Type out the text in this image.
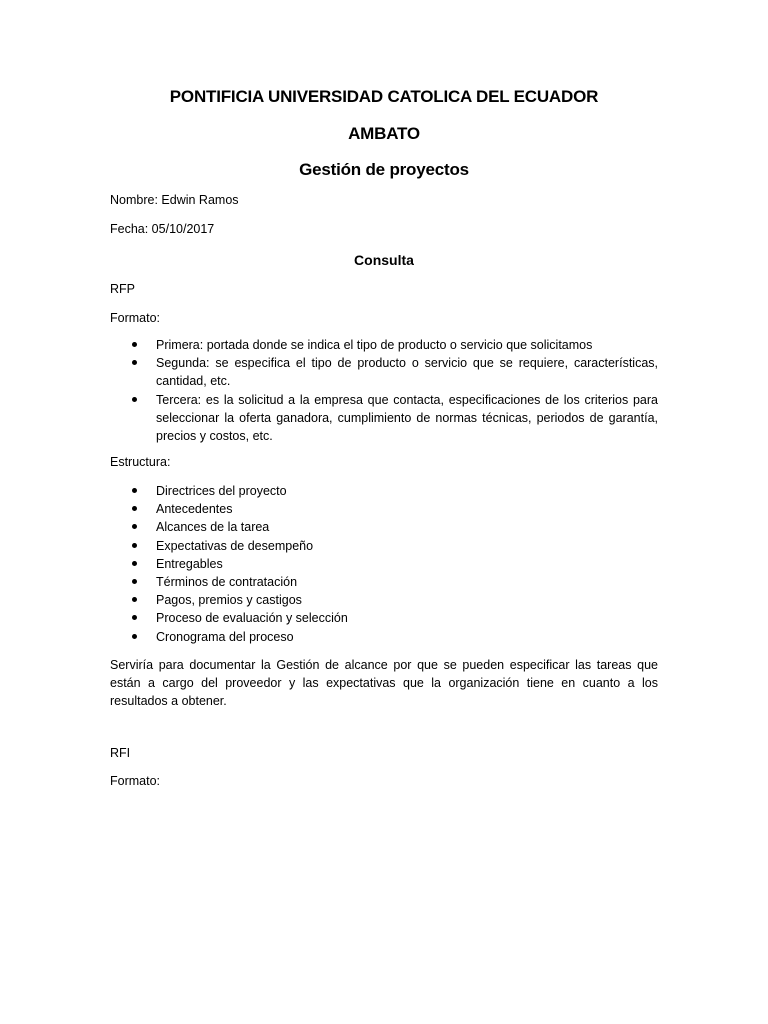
PONTIFICIA UNIVERSIDAD CATOLICA DEL ECUADOR
AMBATO
Gestión de proyectos
Nombre: Edwin Ramos
Fecha: 05/10/2017
Consulta
RFP
Formato:
Primera: portada donde se indica el tipo de producto o servicio que solicitamos
Segunda: se especifica el tipo de producto o servicio que se requiere, características, cantidad, etc.
Tercera: es la solicitud a la empresa que contacta, especificaciones de los criterios para seleccionar la oferta ganadora, cumplimiento de normas técnicas, periodos de garantía, precios y costos, etc.
Estructura:
Directrices del proyecto
Antecedentes
Alcances de la tarea
Expectativas de desempeño
Entregables
Términos de contratación
Pagos, premios y castigos
Proceso de evaluación y selección
Cronograma del proceso
Serviría para documentar la Gestión de alcance por que se pueden especificar las tareas que están a cargo del proveedor y las expectativas que la organización tiene en cuanto a los resultados a obtener.
RFI
Formato:
